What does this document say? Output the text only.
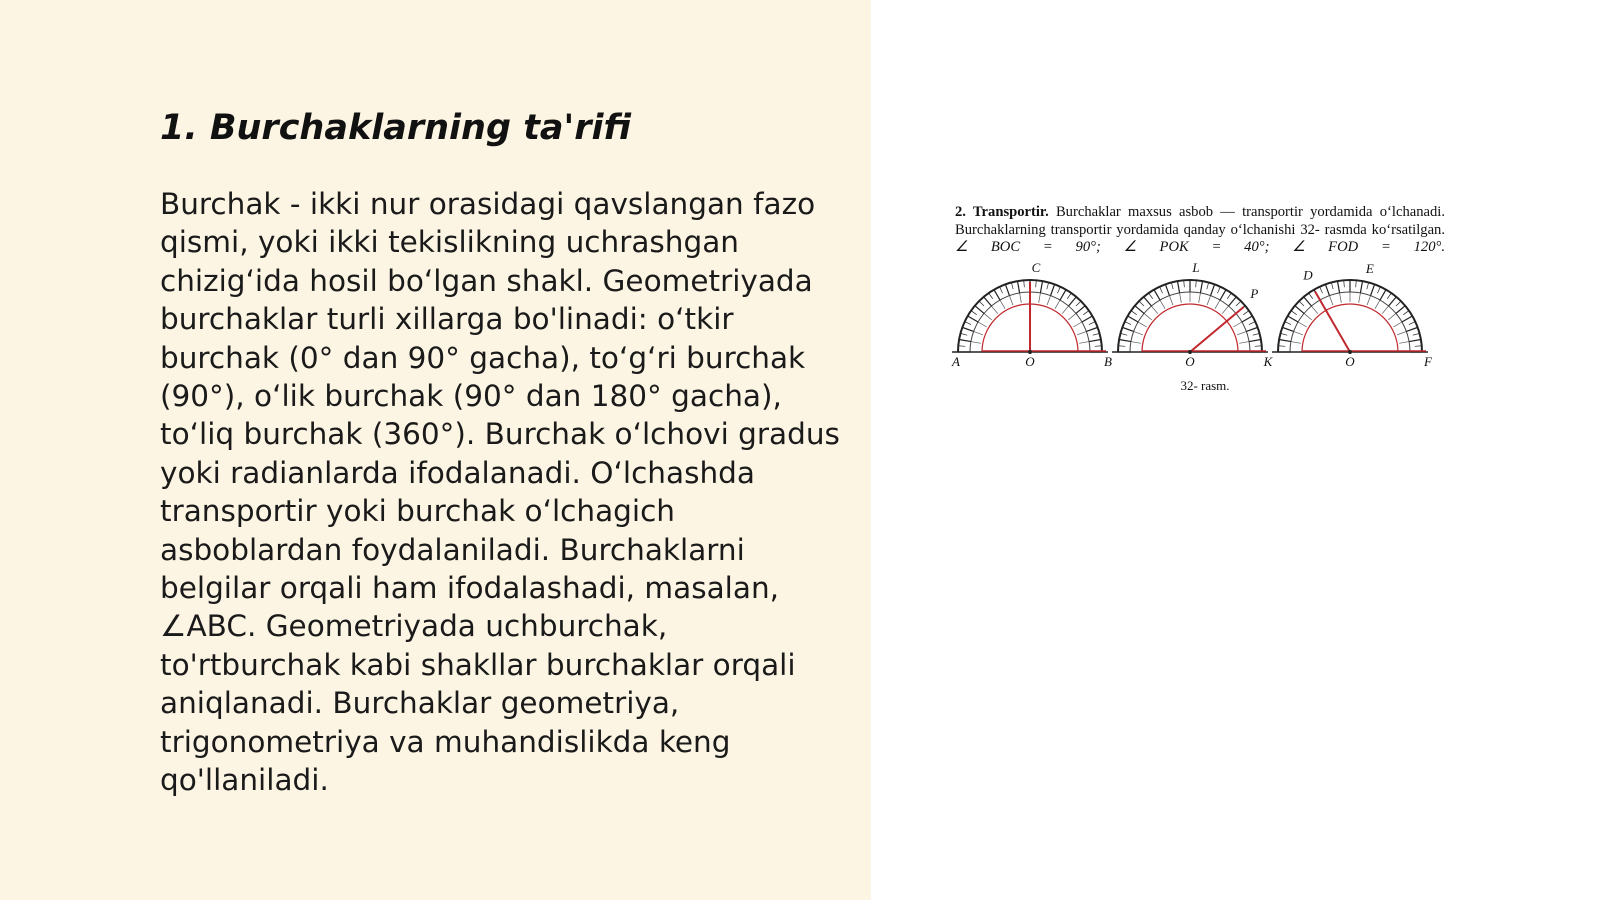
1. Burchaklarning ta'rifi

Burchak - ikki nur orasidagi qavslangan fazo qismi, yoki ikki tekislikning uchrashgan chizig‘ida hosil bo‘lgan shakl. Geometriyada burchaklar turli xillarga bo'linadi: o‘tkir burchak (0° dan 90° gacha), to‘g‘ri burchak (90°), o‘lik burchak (90° dan 180° gacha), to‘liq burchak (360°). Burchak o‘lchovi gradus yoki radianlarda ifodalanadi. O‘lchashda transportir yoki burchak o‘lchagich asboblardan foydalaniladi. Burchaklarni belgilar orqali ham ifodalashadi, masalan, ∠ABC. Geometriyada uchburchak, to'rtburchak kabi shakllar burchaklar orqali aniqlanadi. Burchaklar geometriya, trigonometriya va muhandislikda keng qo'llaniladi.

2. Transportir. Burchaklar maxsus asbob — transportir yordamida o‘lchanadi. Burchaklarning transportir yordamida qanday o‘lchanishi 32- rasmda ko‘rsatilgan. ∠ BOC = 90°; ∠ POK = 40°; ∠ FOD = 120°.

A	O	B
C
O	K
L
P
O	F
E
D

32- rasm.
